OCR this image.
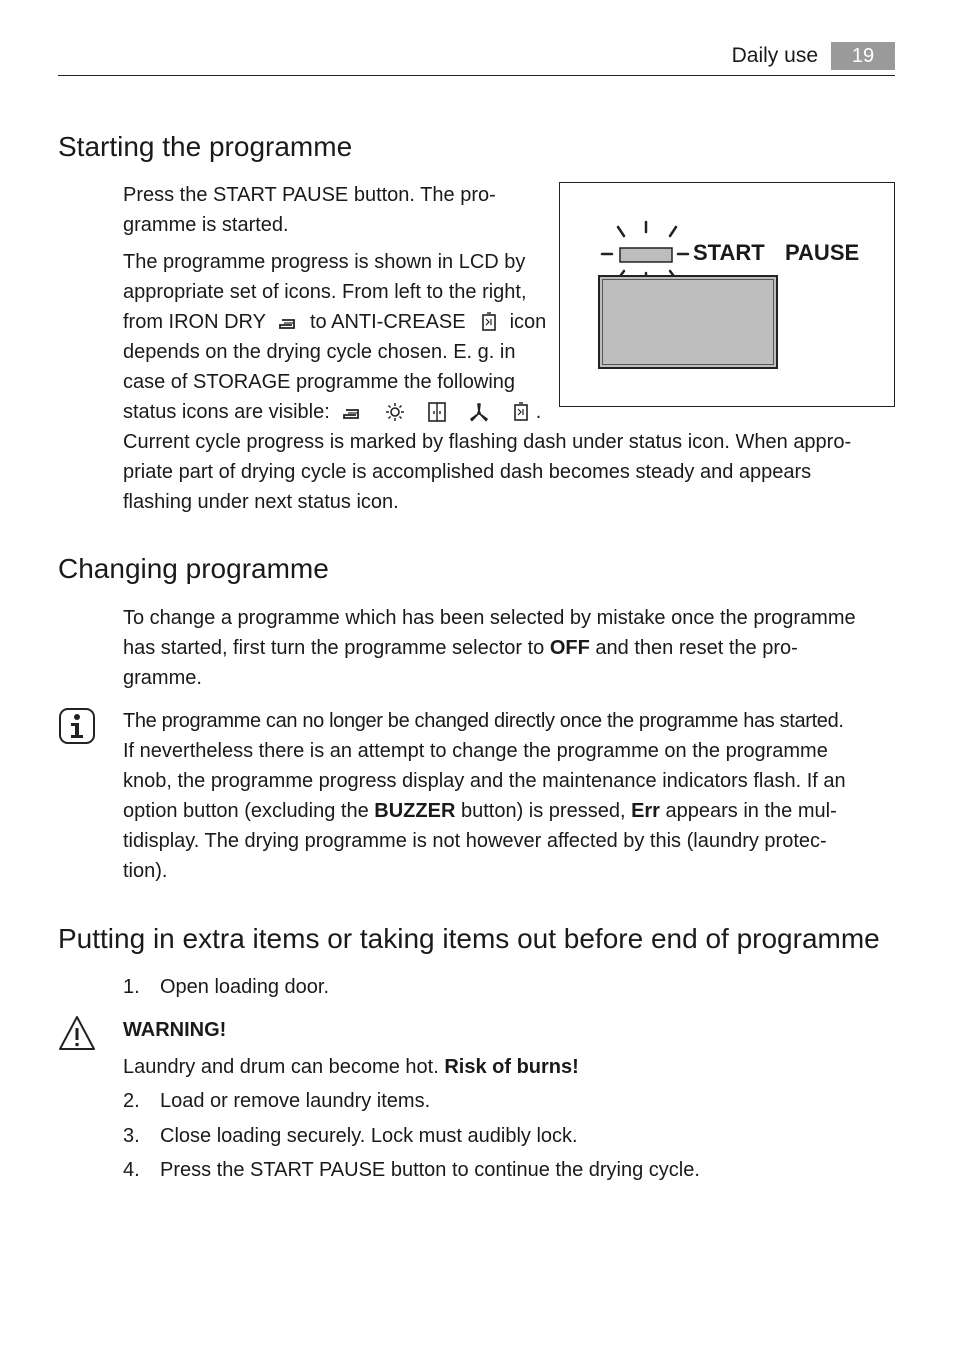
Daily use	19
Starting the programme
Press the START PAUSE button. The pro-
gramme is started.
The programme progress is shown in LCD by
appropriate set of icons. From left to the right,
from IRON DRY to ANTI-CREASE icon
depends on the drying cycle chosen. E. g. in
case of STORAGE programme the following
status icons are visible:	.
Current cycle progress is marked by flashing dash under status icon. When appro-
priate part of drying cycle is accomplished dash becomes steady and appears
flashing under next status icon.
START PAUSE
Changing programme
To change a programme which has been selected by mistake once the programme
has started, first turn the programme selector to OFF and then reset the pro-
gramme.
The programme can no longer be changed directly once the programme has started.
If nevertheless there is an attempt to change the programme on the programme
knob, the programme progress display and the maintenance indicators flash. If an
option button (excluding the BUZZER button) is pressed, Err appears in the mul-
tidisplay. The drying programme is not however affected by this (laundry protec-
tion).
Putting in extra items or taking items out before end of programme
1. Open loading door.
WARNING!
Laundry and drum can become hot. Risk of burns!
2. Load or remove laundry items.
3. Close loading securely. Lock must audibly lock.
4. Press the START PAUSE button to continue the drying cycle.
